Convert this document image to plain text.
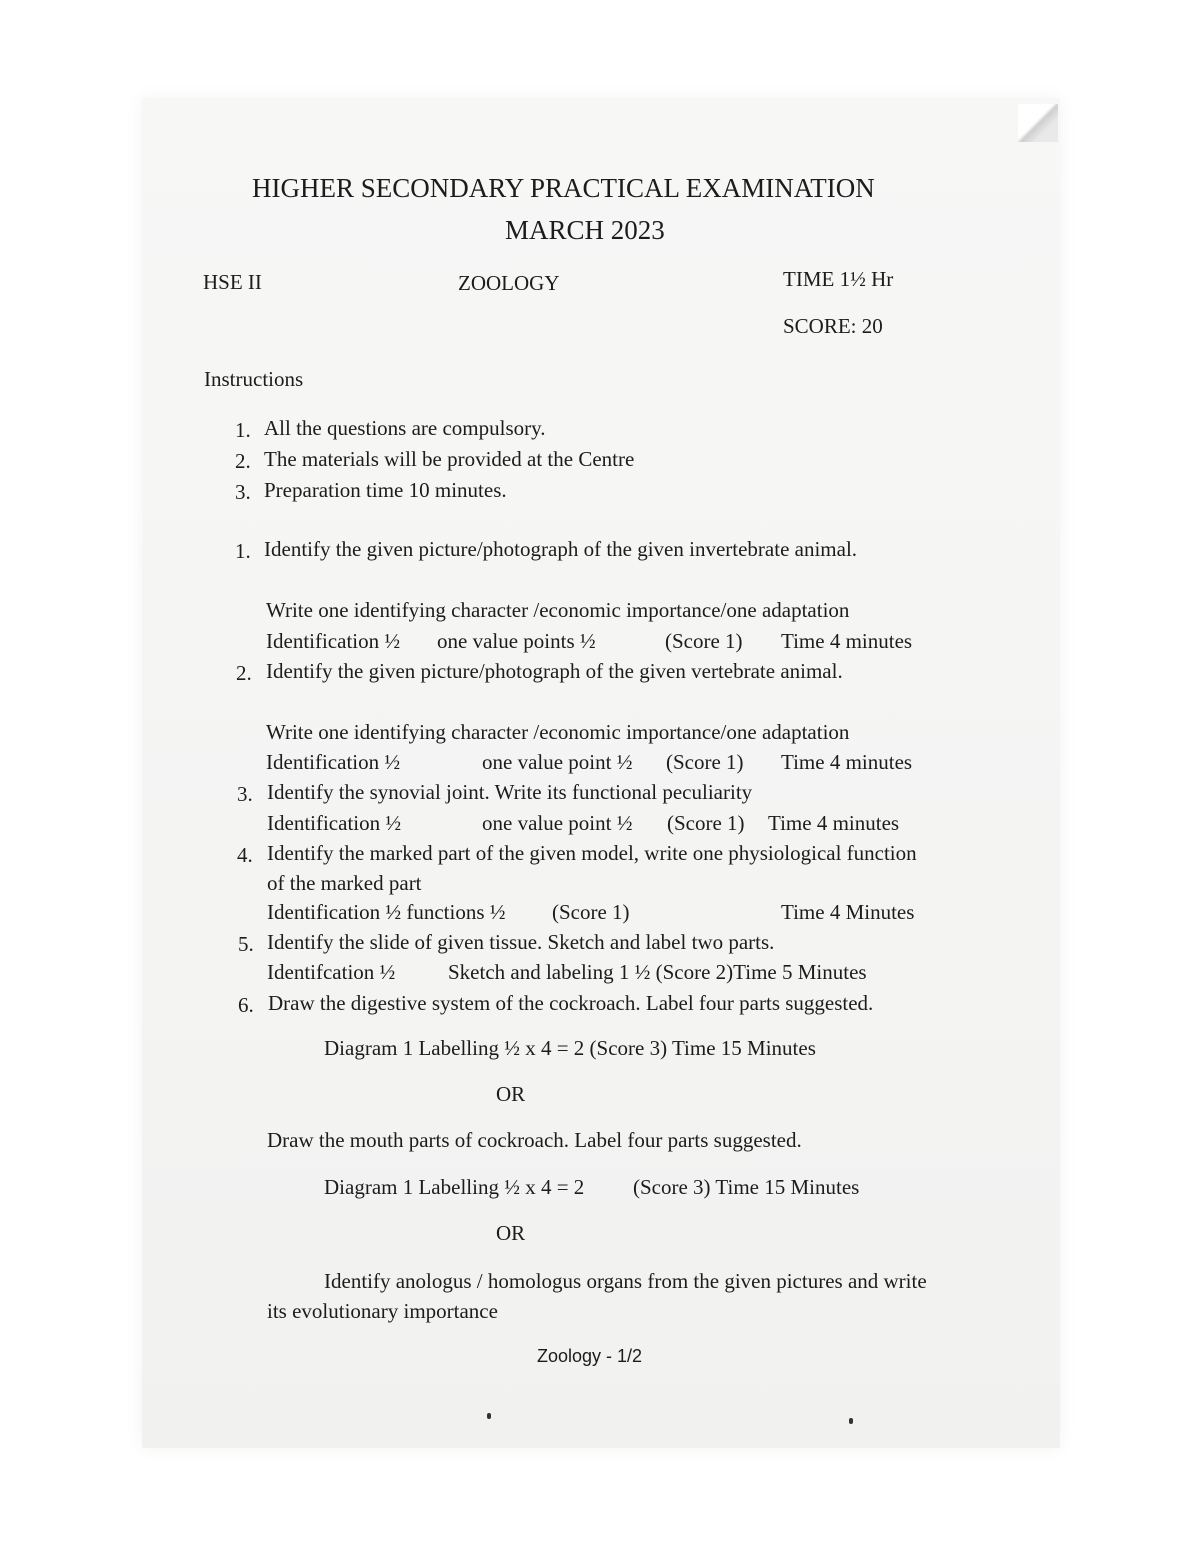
HIGHER SECONDARY PRACTICAL EXAMINATION
MARCH 2023
HSE II	ZOOLOGY	TIME 1½ Hr
SCORE: 20
Instructions
1. All the questions are compulsory.
2. The materials will be provided at the Centre
3. Preparation time 10 minutes.
1. Identify the given picture/photograph of the given invertebrate animal.
Write one identifying character /economic importance/one adaptation
Identification ½ one value points ½	(Score 1) Time 4 minutes
2. Identify the given picture/photograph of the given vertebrate animal.
Write one identifying character /economic importance/one adaptation
Identification ½	one value point ½ (Score 1) Time 4 minutes
3. Identify the synovial joint. Write its functional peculiarity
Identification ½	one value point ½ (Score 1) Time 4 minutes
4. Identify the marked part of the given model, write one physiological function
of the marked part
Identification ½ functions ½ (Score 1)	Time 4 Minutes
5. Identify the slide of given tissue. Sketch and label two parts.
Identifcation ½	Sketch and labeling 1 ½ (Score 2)Time 5 Minutes
6. Draw the digestive system of the cockroach. Label four parts suggested.
Diagram 1 Labelling ½ x 4 = 2 (Score 3) Time 15 Minutes
OR
Draw the mouth parts of cockroach. Label four parts suggested.
Diagram 1 Labelling ½ x 4 = 2 (Score 3) Time 15 Minutes
OR
Identify anologus / homologus organs from the given pictures and write
its evolutionary importance
Zoology - 1/2
